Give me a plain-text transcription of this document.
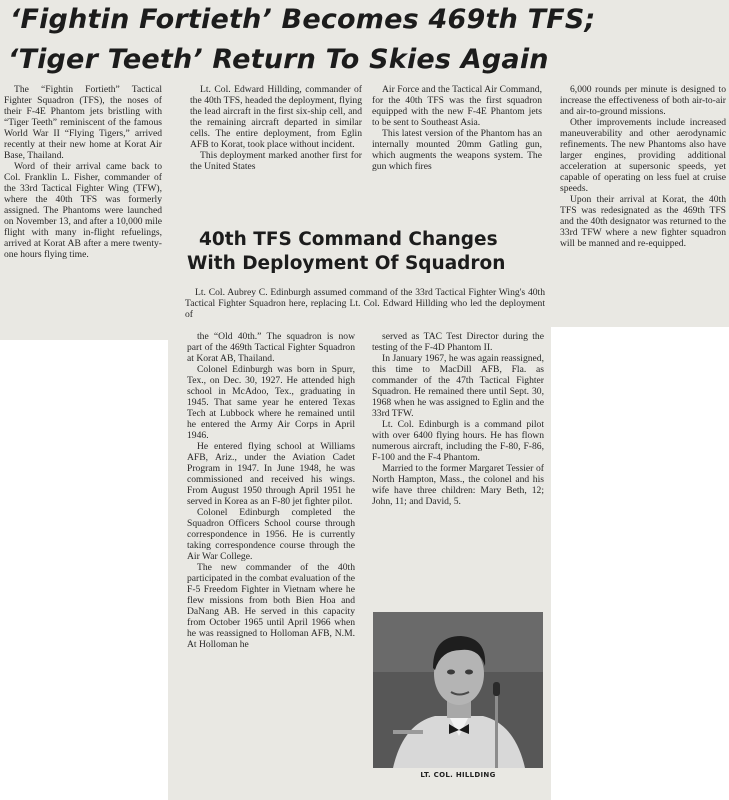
‘Fightin Fortieth’ Becomes 469th TFS;
‘Tiger Teeth’ Return To Skies Again

The “Fightin Fortieth” Tactical Fighter Squadron (TFS), the noses of their F-4E Phantom jets bristling with “Tiger Teeth” reminiscent of the famous World War II “Flying Tigers,” arrived recently at their new home at Korat Air Base, Thailand.

Word of their arrival came back to Col. Franklin L. Fisher, commander of the 33rd Tactical Fighter Wing (TFW), where the 40th TFS was formerly assigned. The Phantoms were launched on November 13, and after a 10,000 mile flight with many in-flight refuelings, arrived at Korat AB after a mere twenty-one hours flying time.

Lt. Col. Edward Hillding, commander of the 40th TFS, headed the deployment, flying the lead aircraft in the first six-ship cell, and the remaining aircraft departed in similar cells. The entire deployment, from Eglin AFB to Korat, took place without incident.

This deployment marked another first for the United States

Air Force and the Tactical Air Command, for the 40th TFS was the first squadron equipped with the new F-4E Phantom jets to be sent to Southeast Asia.

This latest version of the Phantom has an internally mounted 20mm Gatling gun, which augments the weapons system. The gun which fires

6,000 rounds per minute is designed to increase the effectiveness of both air-to-air and air-to-ground missions.

Other improvements include increased maneuverability and other aerodynamic refinements. The new Phantoms also have larger engines, providing additional acceleration at supersonic speeds, yet capable of operating on less fuel at cruise speeds.

Upon their arrival at Korat, the 40th TFS was redesignated as the 469th TFS and the 40th designator was returned to the 33rd TFW where a new fighter squadron will be manned and re-equipped.

40th TFS Command Changes
With Deployment Of Squadron

Lt. Col. Aubrey C. Edinburgh assumed command of the 33rd Tactical Fighter Wing's 40th Tactical Fighter Squadron here, replacing Lt. Col. Edward Hillding who led the deployment of

the “Old 40th.” The squadron is now part of the 469th Tactical Fighter Squadron at Korat AB, Thailand.

Colonel Edinburgh was born in Spurr, Tex., on Dec. 30, 1927. He attended high school in McAdoo, Tex., graduating in 1945. That same year he entered Texas Tech at Lubbock where he remained until he entered the Army Air Corps in April 1946.

He entered flying school at Williams AFB, Ariz., under the Aviation Cadet Program in 1947. In June 1948, he was commissioned and received his wings. From August 1950 through April 1951 he served in Korea as an F-80 jet fighter pilot.

Colonel Edinburgh completed the Squadron Officers School course through correspondence in 1956. He is currently taking correspondence course through the Air War College.

The new commander of the 40th participated in the combat evaluation of the F-5 Freedom Fighter in Vietnam where he flew missions from both Bien Hoa and DaNang AB. He served in this capacity from October 1965 until April 1966 when he was reassigned to Holloman AFB, N.M. At Holloman he

served as TAC Test Director during the testing of the F-4D Phantom II.

In January 1967, he was again reassigned, this time to MacDill AFB, Fla. as commander of the 47th Tactical Fighter Squadron. He remained there until Sept. 30, 1968 when he was assigned to Eglin and the 33rd TFW.

Lt. Col. Edinburgh is a command pilot with over 6400 flying hours. He has flown numerous aircraft, including the F-80, F-86, F-100 and the F-4 Phantom.

Married to the former Margaret Tessier of North Hampton, Mass., the colonel and his wife have three children: Mary Beth, 12; John, 11; and David, 5.

LT. COL. HILLDING
